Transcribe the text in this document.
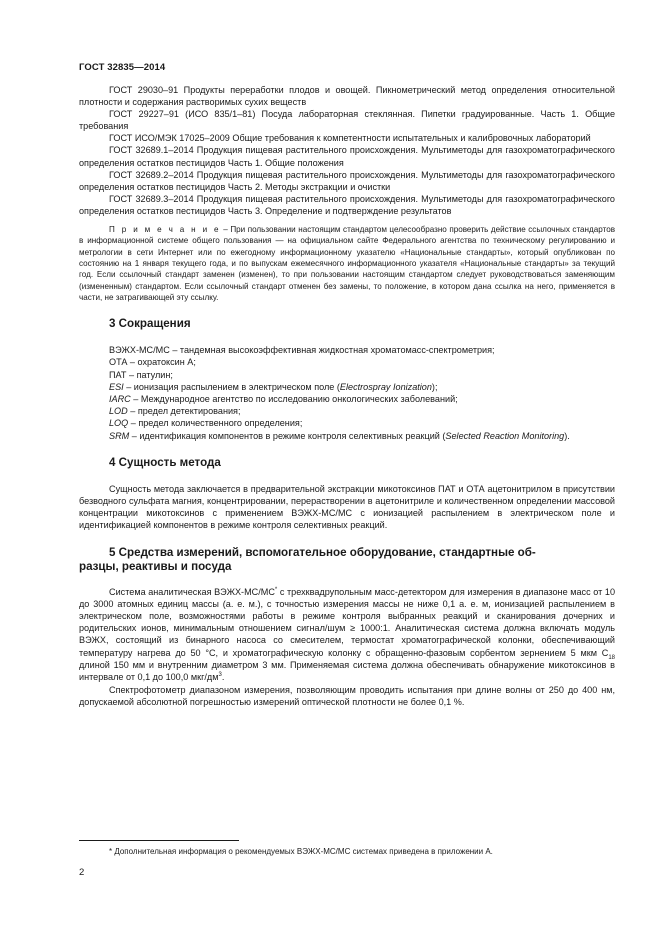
ГОСТ 32835—2014

ГОСТ 29030–91 Продукты переработки плодов и овощей. Пикнометрический метод определения относительной плотности и содержания растворимых сухих веществ

ГОСТ 29227–91 (ИСО 835/1–81) Посуда лабораторная стеклянная. Пипетки градуированные. Часть 1. Общие требования

ГОСТ ИСО/МЭК 17025–2009 Общие требования к компетентности испытательных и калибровочных лабораторий

ГОСТ 32689.1–2014 Продукция пищевая растительного происхождения. Мультиметоды для газохроматографического определения остатков пестицидов Часть 1. Общие положения

ГОСТ 32689.2–2014 Продукция пищевая растительного происхождения. Мультиметоды для газохроматографического определения остатков пестицидов Часть 2. Методы экстракции и очистки

ГОСТ 32689.3–2014 Продукция пищевая растительного происхождения. Мультиметоды для газохроматографического определения остатков пестицидов Часть 3. Определение и подтверждение результатов

П р и м е ч а н и е – При пользовании настоящим стандартом целесообразно проверить действие ссылочных стандартов в информационной системе общего пользования — на официальном сайте Федерального агентства по техническому регулированию и метрологии в сети Интернет или по ежегодному информационному указателю «Национальные стандарты», который опубликован по состоянию на 1 января текущего года, и по выпускам ежемесячного информационного указателя «Национальные стандарты» за текущий год. Если ссылочный стандарт заменен (изменен), то при пользовании настоящим стандартом следует руководствоваться заменяющим (измененным) стандартом. Если ссылочный стандарт отменен без замены, то положение, в котором дана ссылка на него, применяется в части, не затрагивающей эту ссылку.

3 Сокращения

ВЭЖХ-МС/МС – тандемная высокоэффективная жидкостная хроматомасс-спектрометрия;

ОТА – охратоксин А;

ПАТ – патулин;

ESI – ионизация распылением в электрическом поле (Electrospray Ionization);

IARC – Международное агентство по исследованию онкологических заболеваний;

LOD – предел детектирования;

LOQ – предел количественного определения;

SRM – идентификация компонентов в режиме контроля селективных реакций (Selected Reaction Monitoring).

4 Сущность метода

Сущность метода заключается в предварительной экстракции микотоксинов ПАТ и ОТА ацетонитрилом в присутствии безводного сульфата магния, концентрировании, перерастворении в ацетонитриле и количественном определении массовой концентрации микотоксинов с применением ВЭЖХ-МС/МС с ионизацией распылением в электрическом поле и идентификацией компонентов в режиме контроля селективных реакций.

5 Средства измерений, вспомогательное оборудование, стандартные об-
разцы, реактивы и посуда

Система аналитическая ВЭЖХ-МС/МС* с трехквадрупольным масс-детектором для измерения в диапазоне масс от 10 до 3000 атомных единиц массы (а. е. м.), с точностью измерения массы не ниже 0,1 а. е. м, ионизацией распылением в электрическом поле, возможностями работы в режиме контроля выбранных реакций и сканирования дочерних и родительских ионов, минимальным отношением сигнал/шум ≥ 1000:1. Аналитическая система должна включать модуль ВЭЖХ, состоящий из бинарного насоса со смесителем, термостат хроматографической колонки, обеспечивающий температуру нагрева до 50 °С, и хроматографическую колонку с обращенно-фазовым сорбентом зернением 5 мкм $С_{18}$ длиной 150 мм и внутренним диаметром 3 мм. Применяемая система должна обеспечивать обнаружение микотоксинов в интервале от 0,1 до 100,0 мкг/$дм^3$.

Спектрофотометр диапазоном измерения, позволяющим проводить испытания при длине волны от 250 до 400 нм, допускаемой абсолютной погрешностью измерений оптической плотности не более 0,1 %.

* Дополнительная информация о рекомендуемых ВЭЖХ-МС/МС системах приведена в приложении А.

2
